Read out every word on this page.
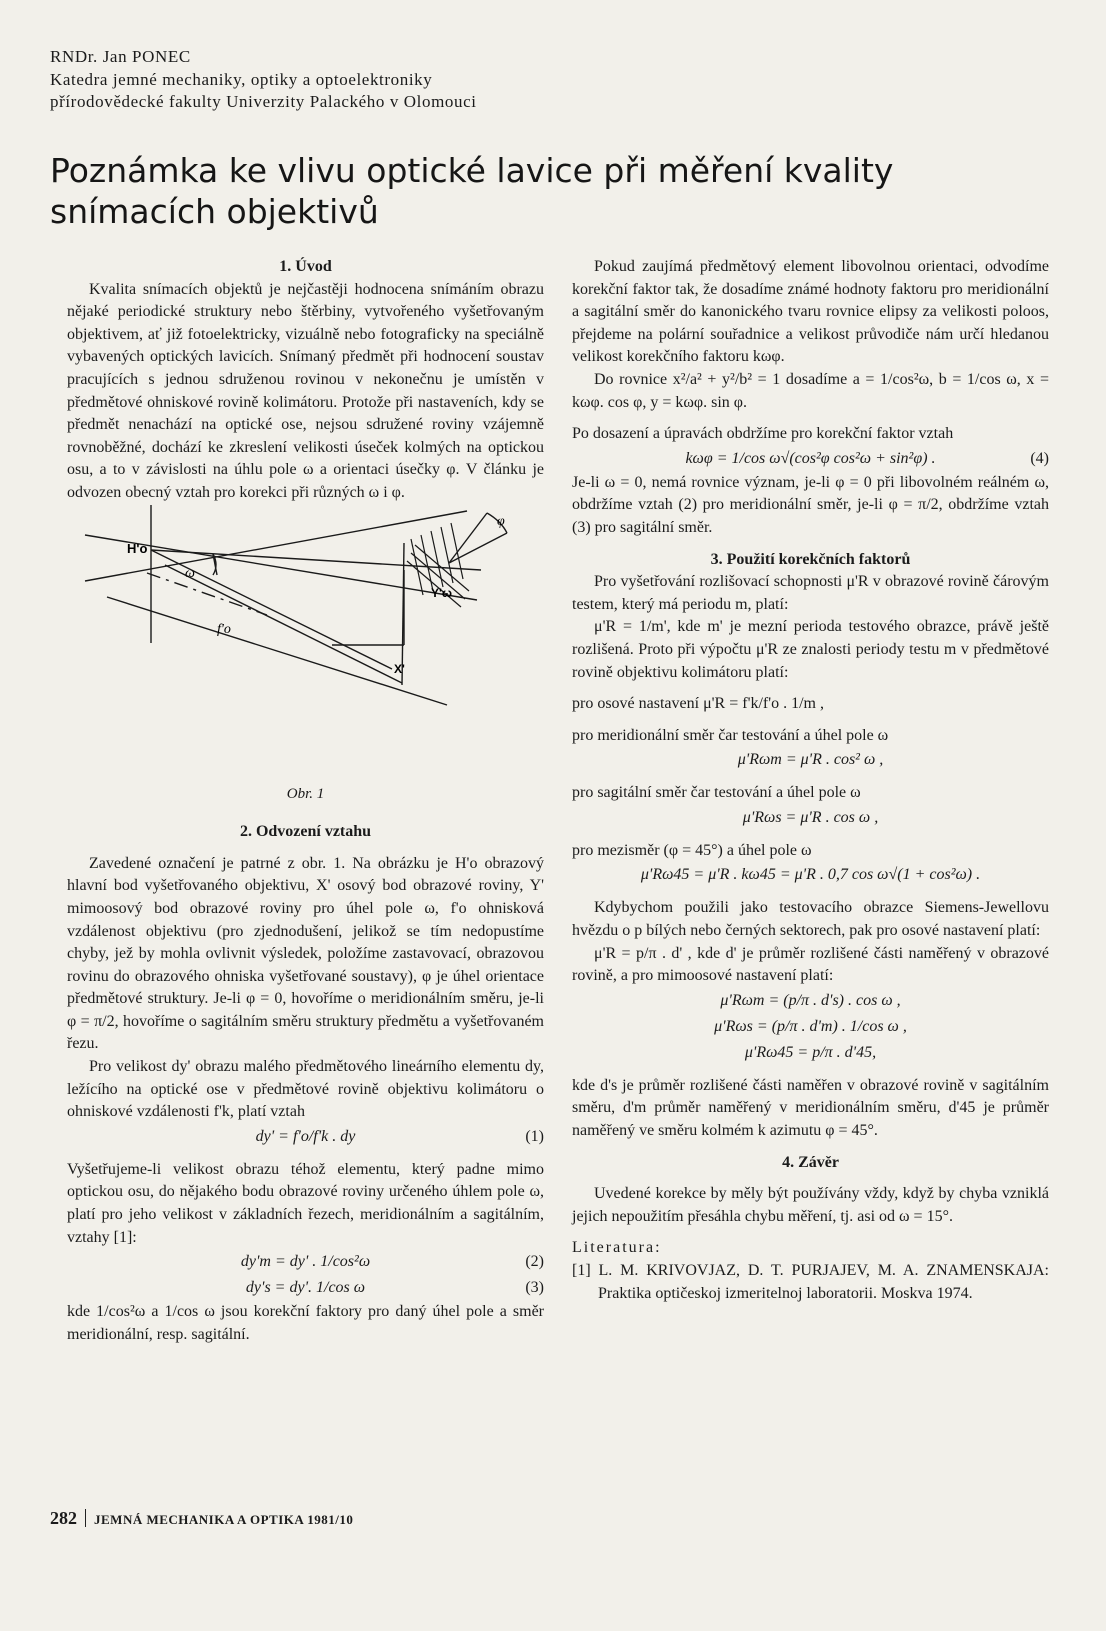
RNDr. Jan PONEC
Katedra jemné mechaniky, optiky a optoelektroniky
přírodovědecké fakulty Univerzity Palackého v Olomouci
Poznámka ke vlivu optické lavice při měření kvality snímacích objektivů
1. Úvod

Kvalita snímacích objektů je nejčastěji hodnocena snímáním obrazu nějaké periodické struktury nebo štěrbiny, vytvořeného vyšetřovaným objektivem, ať již fotoelektricky, vizuálně nebo fotograficky na speciálně vybavených optických lavicích. Snímaný předmět při hodnocení soustav pracujících s jednou sdruženou rovinou v nekonečnu je umístěn v předmětové ohniskové rovině kolimátoru. Protože při nastaveních, kdy se předmět nenachází na optické ose, nejsou sdružené roviny vzájemně rovnoběžné, dochází ke zkreslení velikosti úseček kolmých na optickou osu, a to v závislosti na úhlu pole ω a orientaci úsečky φ. V článku je odvozen obecný vztah pro korekci při různých ω i φ.

H'o
ω
f'o
X'
Y'ω
φ
Obr. 1
2. Odvození vztahu

Zavedené označení je patrné z obr. 1. Na obrázku je H'o obrazový hlavní bod vyšetřovaného objektivu, X' osový bod obrazové roviny, Y' mimoosový bod obrazové roviny pro úhel pole ω, f'o ohnisková vzdálenost objektivu (pro zjednodušení, jelikož se tím nedopustíme chyby, jež by mohla ovlivnit výsledek, položíme zastavovací, obrazovou rovinu do obrazového ohniska vyšetřované soustavy), φ je úhel orientace předmětové struktury. Je-li φ = 0, hovoříme o meridionálním směru, je-li φ = π/2, hovoříme o sagitálním směru struktury předmětu a vyšetřovaném řezu.

Pro velikost dy' obrazu malého předmětového lineárního elementu dy, ležícího na optické ose v předmětové rovině objektivu kolimátoru o ohniskové vzdálenosti f'k, platí vztah

dy' = f'o/f'k . dy	(1)

Vyšetřujeme-li velikost obrazu téhož elementu, který padne mimo optickou osu, do nějakého bodu obrazové roviny určeného úhlem pole ω, platí pro jeho velikost v základních řezech, meridionálním a sagitálním, vztahy [1]:

dy'm = dy' . 1/cos²ω	(2)
dy's = dy'. 1/cos ω	(3)

kde 1/cos²ω a 1/cos ω jsou korekční faktory pro daný úhel pole a směr meridionální, resp. sagitální.

Pokud zaujímá předmětový element libovolnou orientaci, odvodíme korekční faktor tak, že dosadíme známé hodnoty faktoru pro meridionální a sagitální směr do kanonického tvaru rovnice elipsy za velikosti poloos, přejdeme na polární souřadnice a velikost průvodiče nám určí hledanou velikost korekčního faktoru kωφ.

Do rovnice x²/a² + y²/b² = 1 dosadíme a = 1/cos²ω, b = 1/cos ω, x = kωφ. cos φ, y = kωφ. sin φ.

Po dosazení a úpravách obdržíme pro korekční faktor vztah

kωφ = 1/cos ω√(cos²φ cos²ω + sin²φ) .	(4)

Je-li ω = 0, nemá rovnice význam, je-li φ = 0 při libovolném reálném ω, obdržíme vztah (2) pro meridionální směr, je-li φ = π/2, obdržíme vztah (3) pro sagitální směr.

3. Použití korekčních faktorů

Pro vyšetřování rozlišovací schopnosti μ'R v obrazové rovině čárovým testem, který má periodu m, platí:

μ'R = 1/m', kde m' je mezní perioda testového obrazce, právě ještě rozlišená. Proto při výpočtu μ'R ze znalosti periody testu m v předmětové rovině objektivu kolimátoru platí:

pro osové nastavení μ'R = f'k/f'o . 1/m ,

pro meridionální směr čar testování a úhel pole ω

μ'Rωm = μ'R . cos² ω ,

pro sagitální směr čar testování a úhel pole ω

μ'Rωs = μ'R . cos ω ,

pro mezisměr (φ = 45°) a úhel pole ω

μ'Rω45 = μ'R . kω45 = μ'R . 0,7 cos ω√(1 + cos²ω) .

Kdybychom použili jako testovacího obrazce Siemens-Jewellovu hvězdu o p bílých nebo černých sektorech, pak pro osové nastavení platí:

μ'R = p/π . d' , kde d' je průměr rozlišené části naměřený v obrazové rovině, a pro mimoosové nastavení platí:

μ'Rωm = (p/π . d's) . cos ω ,
μ'Rωs = (p/π . d'm) . 1/cos ω ,
μ'Rω45 = p/π . d'45,

kde d's je průměr rozlišené části naměřen v obrazové rovině v sagitálním směru, d'm průměr naměřený v meridionálním směru, d'45 je průměr naměřený ve směru kolmém k azimutu φ = 45°.

4. Závěr

Uvedené korekce by měly být používány vždy, když by chyba vzniklá jejich nepoužitím přesáhla chybu měření, tj. asi od ω = 15°.

Literatura:

[1] L. M. KRIVOVJAZ, D. T. PURJAJEV, M. A. ZNAMENSKAJA: Praktika optičeskoj izmeritelnoj laboratorii. Moskva 1974.

282 JEMNÁ MECHANIKA A OPTIKA 1981/10
